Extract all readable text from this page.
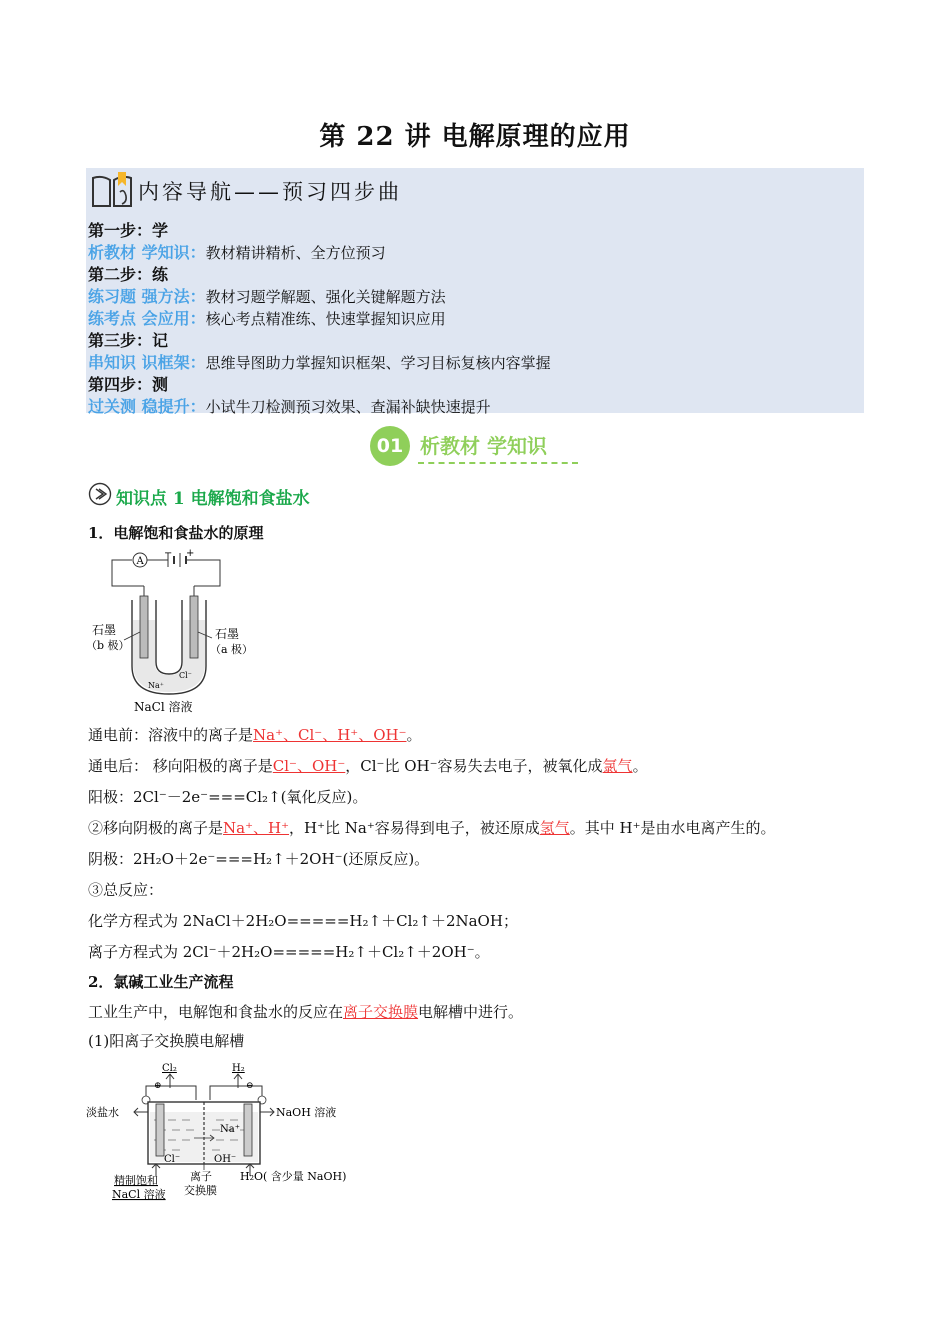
第 22 讲 电解原理的应用
内容导航——预习四步曲
第一步：学
析教材 学知识：教材精讲精析、全方位预习
第二步：练
练习题 强方法：教材习题学解题、强化关键解题方法
练考点 会应用：核心考点精准练、快速掌握知识应用
第三步：记
串知识 识框架：思维导图助力掌握知识框架、学习目标复核内容掌握
第四步：测
过关测 稳提升：小试牛刀检测预习效果、查漏补缺快速提升
01 析教材 学知识
知识点 1 电解饱和食盐水
1．电解饱和食盐水的原理
A
− +
石墨
（b 极）
石墨
（a 极）
Na⁺
Cl⁻
NaCl 溶液
通电前：溶液中的离子是Na⁺、Cl⁻、H⁺、OH⁻。
通电后： 移向阳极的离子是Cl⁻、OH⁻，Cl⁻比 OH⁻容易失去电子，被氧化成氯气。
阳极：2Cl⁻－2e⁻===Cl₂↑(氧化反应)。
②移向阴极的离子是Na⁺、H⁺，H⁺比 Na⁺容易得到电子，被还原成氢气。其中 H⁺是由水电离产生的。
阴极：2H₂O＋2e⁻===H₂↑＋2OH⁻(还原反应)。
③总反应：
化学方程式为 2NaCl＋2H₂O=====H₂↑＋Cl₂↑＋2NaOH；
离子方程式为 2Cl⁻＋2H₂O=====H₂↑＋Cl₂↑＋2OH⁻。
2．氯碱工业生产流程
工业生产中，电解饱和食盐水的反应在离子交换膜电解槽中进行。
(1)阳离子交换膜电解槽
Cl₂	H₂
⊕	⊖
淡盐水	NaOH 溶液
Na⁺
Cl⁻	OH⁻
精制饱和
NaCl 溶液
离子
交换膜
H₂O( 含少量 NaOH)
